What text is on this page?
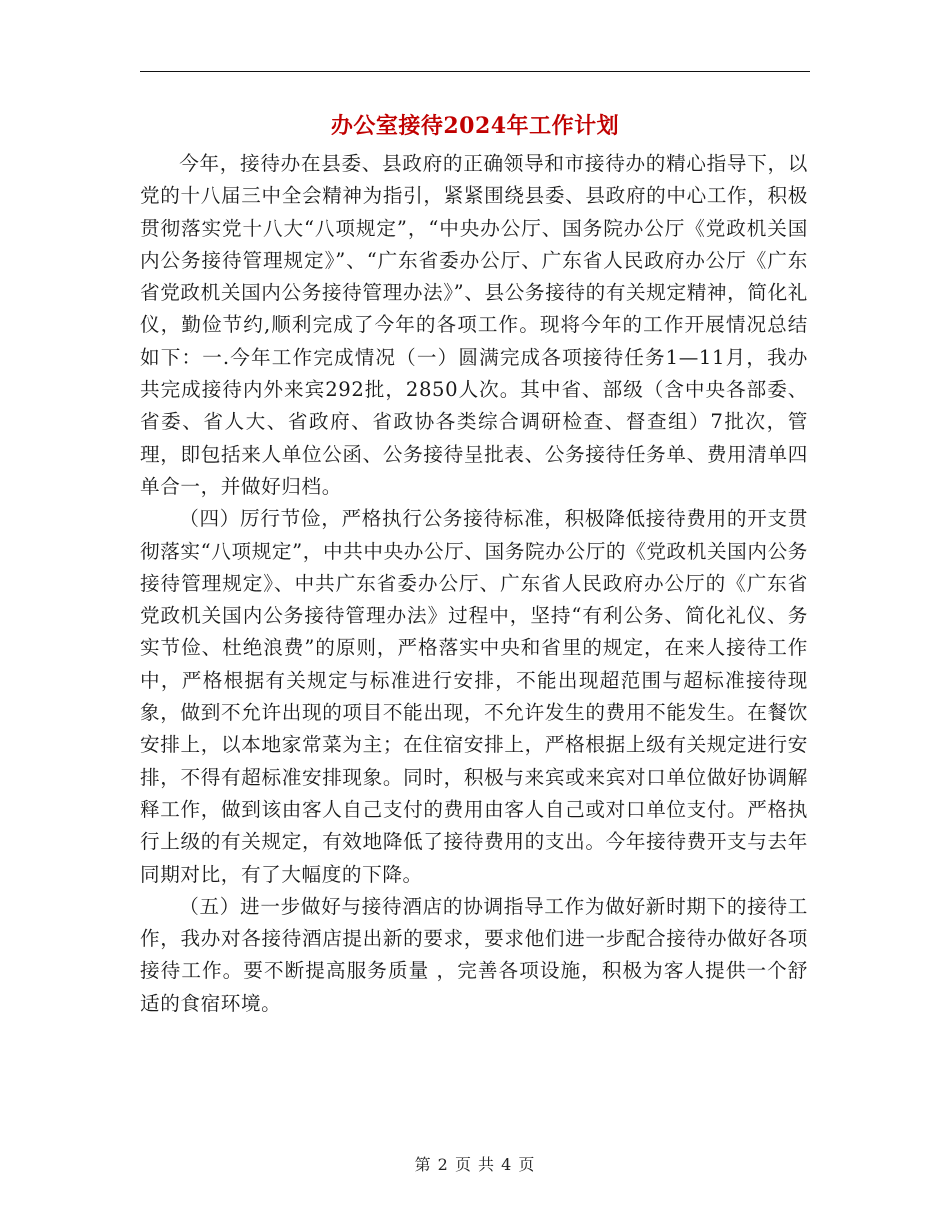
办公室接待2024年工作计划

今年，接待办在县委、县政府的正确领导和市接待办的精心指导下，以党的十八届三中全会精神为指引，紧紧围绕县委、县政府的中心工作，积极贯彻落实党十八大“八项规定”，“中央办公厅、国务院办公厅《党政机关国内公务接待管理规定》”、“广东省委办公厅、广东省人民政府办公厅《广东省党政机关国内公务接待管理办法》”、县公务接待的有关规定精神，简化礼仪，勤俭节约,顺利完成了今年的各项工作。现将今年的工作开展情况总结如下：一.今年工作完成情况（一）圆满完成各项接待任务1—11月，我办共完成接待内外来宾292批，2850人次。其中省、部级（含中央各部委、省委、省人大、省政府、省政协各类综合调研检查、督查组）7批次，管理，即包括来人单位公函、公务接待呈批表、公务接待任务单、费用清单四单合一，并做好归档。

（四）厉行节俭，严格执行公务接待标准，积极降低接待费用的开支贯彻落实“八项规定”，中共中央办公厅、国务院办公厅的《党政机关国内公务接待管理规定》、中共广东省委办公厅、广东省人民政府办公厅的《广东省党政机关国内公务接待管理办法》过程中，坚持“有利公务、简化礼仪、务实节俭、杜绝浪费”的原则，严格落实中央和省里的规定，在来人接待工作中，严格根据有关规定与标准进行安排，不能出现超范围与超标准接待现象，做到不允许出现的项目不能出现，不允许发生的费用不能发生。在餐饮安排上，以本地家常菜为主；在住宿安排上，严格根据上级有关规定进行安排，不得有超标准安排现象。同时，积极与来宾或来宾对口单位做好协调解释工作，做到该由客人自己支付的费用由客人自己或对口单位支付。严格执行上级的有关规定，有效地降低了接待费用的支出。今年接待费开支与去年同期对比，有了大幅度的下降。

（五）进一步做好与接待酒店的协调指导工作为做好新时期下的接待工作，我办对各接待酒店提出新的要求，要求他们进一步配合接待办做好各项接待工作。要不断提高服务质量 ，完善各项设施，积极为客人提供一个舒适的食宿环境。

第 2 页 共 4 页
